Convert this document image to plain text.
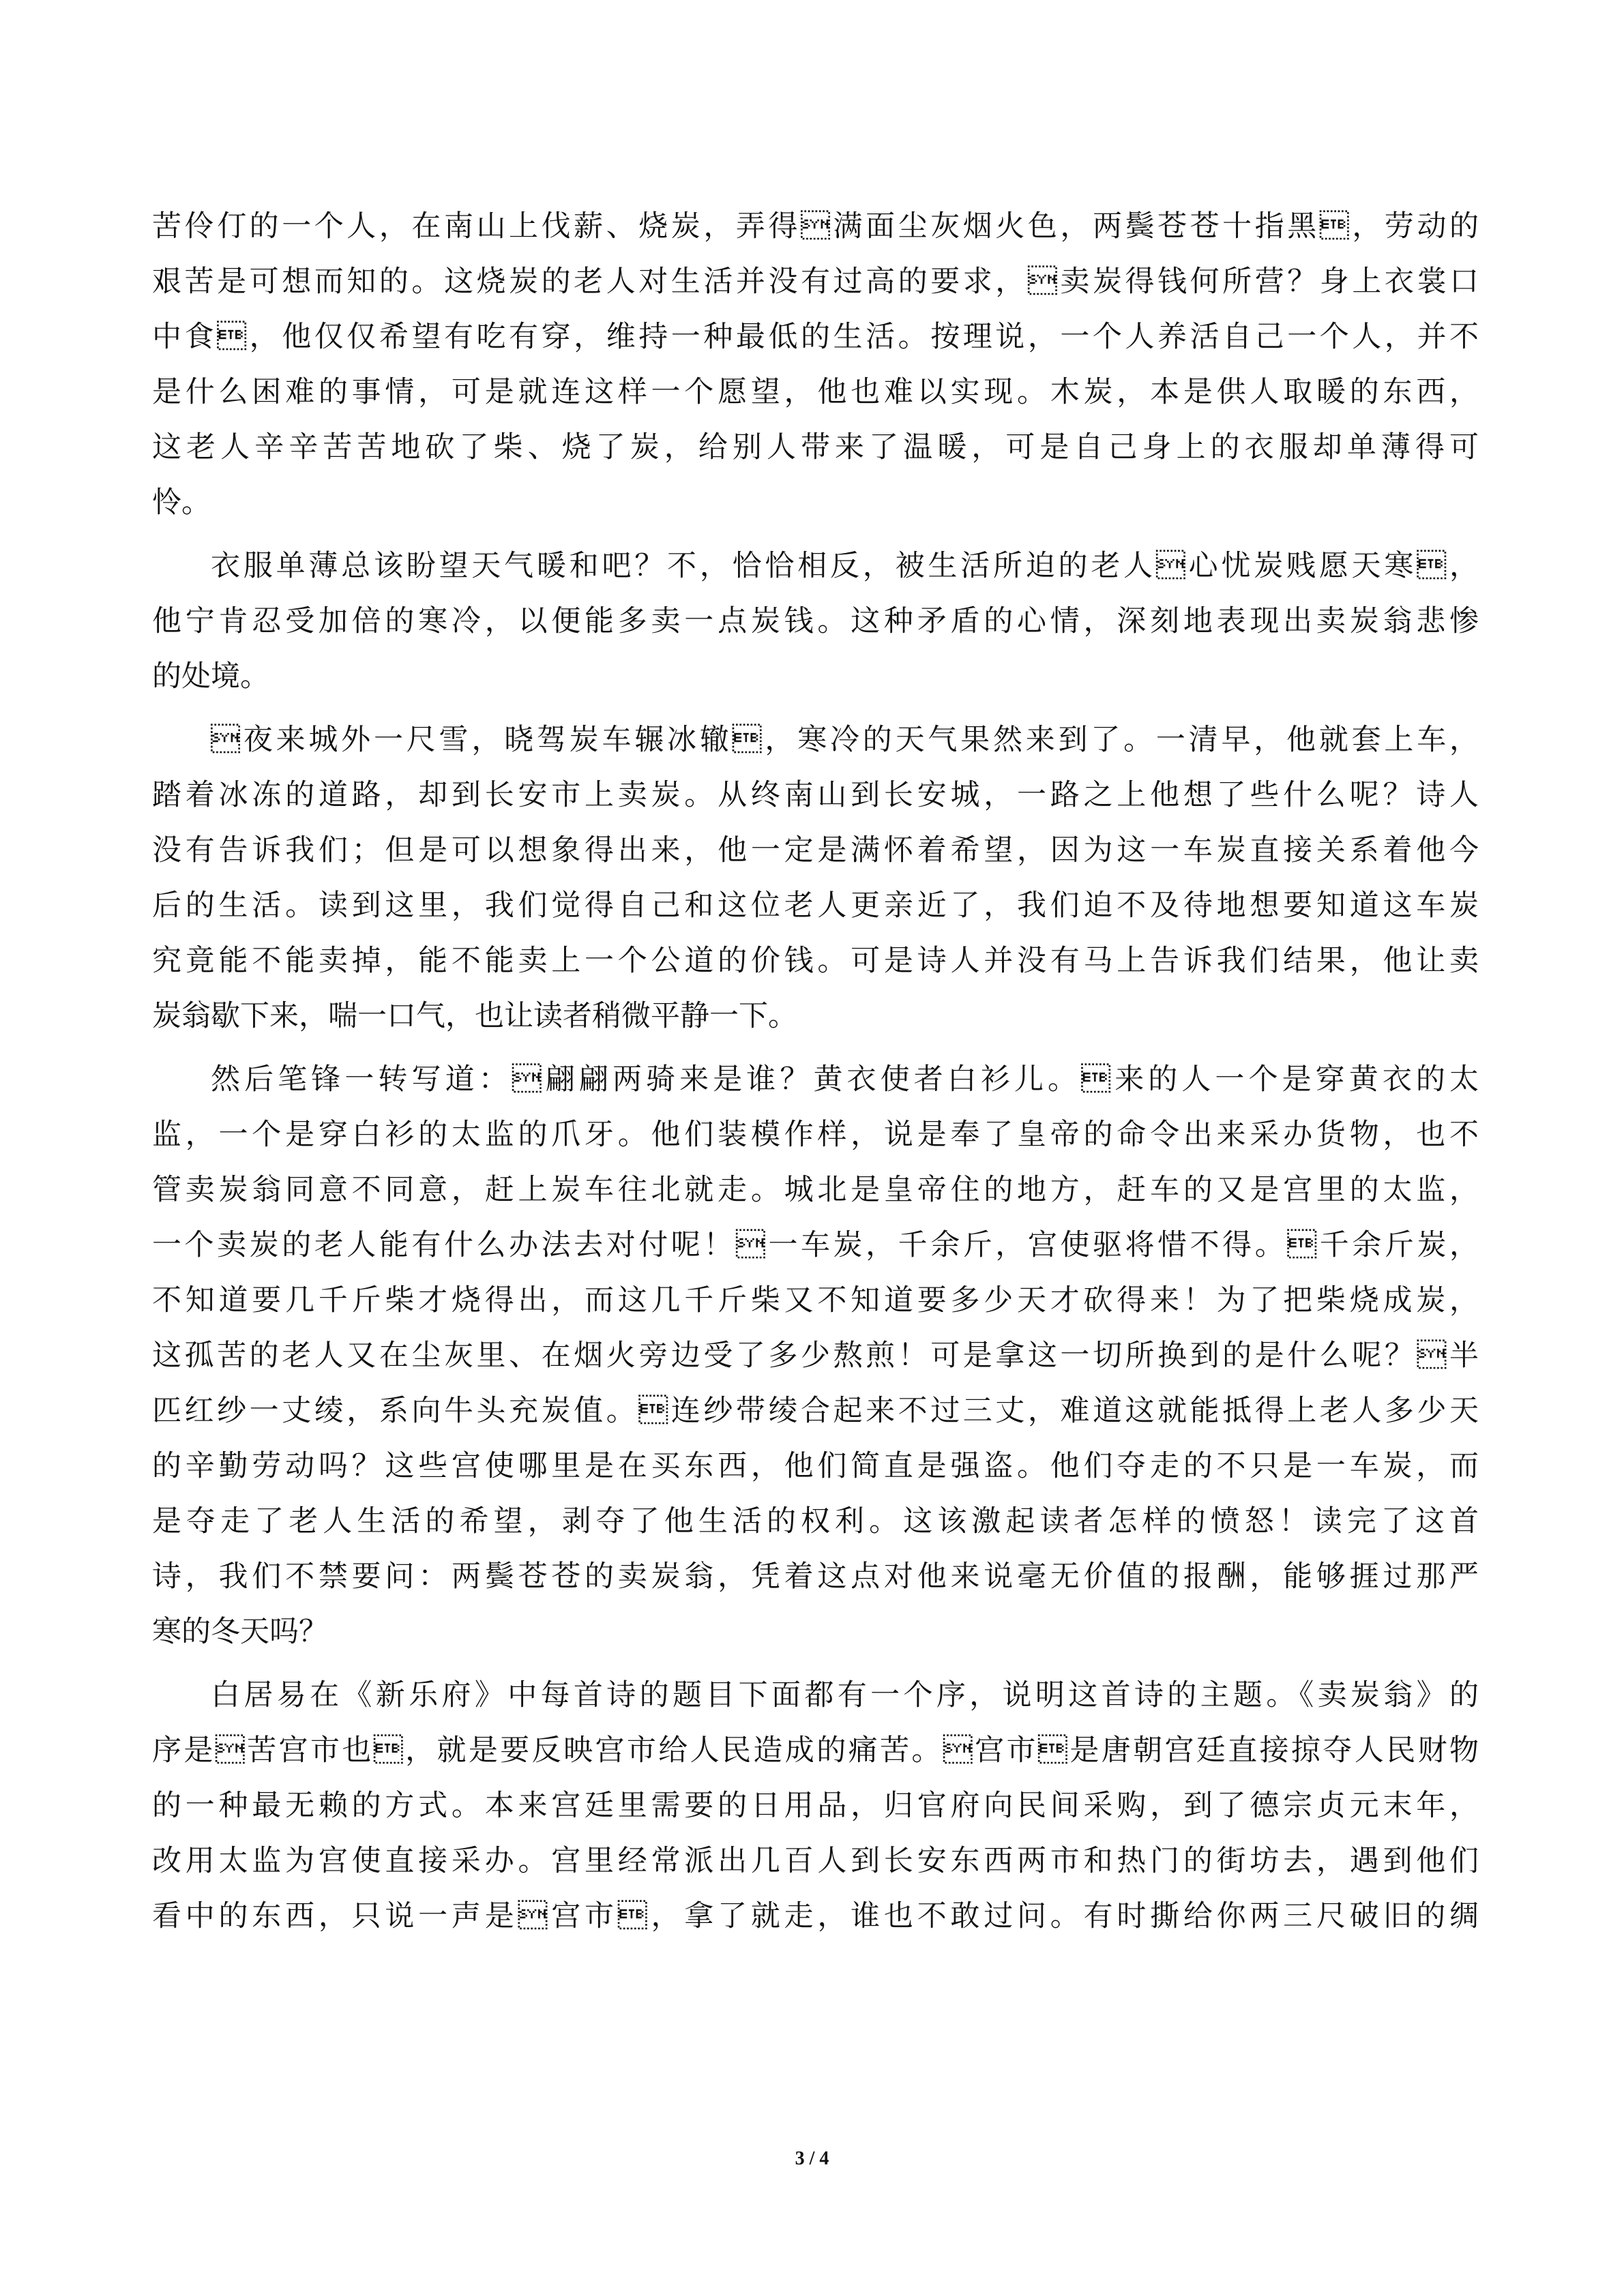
苦伶仃的一个人，在南山上伐薪、烧炭，弄得满面尘灰烟火色，两鬓苍苍十指黑，劳动的
艰苦是可想而知的。这烧炭的老人对生活并没有过高的要求，卖炭得钱何所营？身上衣裳口
中食，他仅仅希望有吃有穿，维持一种最低的生活。按理说，一个人养活自己一个人，并不
是什么困难的事情，可是就连这样一个愿望，他也难以实现。木炭，本是供人取暖的东西，
这老人辛辛苦苦地砍了柴、烧了炭，给别人带来了温暖，可是自己身上的衣服却单薄得可
怜。

衣服单薄总该盼望天气暖和吧？不，恰恰相反，被生活所迫的老人心忧炭贱愿天寒，
他宁肯忍受加倍的寒冷，以便能多卖一点炭钱。这种矛盾的心情，深刻地表现出卖炭翁悲惨
的处境。

夜来城外一尺雪，晓驾炭车辗冰辙，寒冷的天气果然来到了。一清早，他就套上车，
踏着冰冻的道路，却到长安市上卖炭。从终南山到长安城，一路之上他想了些什么呢？诗人
没有告诉我们；但是可以想象得出来，他一定是满怀着希望，因为这一车炭直接关系着他今
后的生活。读到这里，我们觉得自己和这位老人更亲近了，我们迫不及待地想要知道这车炭
究竟能不能卖掉，能不能卖上一个公道的价钱。可是诗人并没有马上告诉我们结果，他让卖
炭翁歇下来，喘一口气，也让读者稍微平静一下。

然后笔锋一转写道：翩翩两骑来是谁？黄衣使者白衫儿。来的人一个是穿黄衣的太
监，一个是穿白衫的太监的爪牙。他们装模作样，说是奉了皇帝的命令出来采办货物，也不
管卖炭翁同意不同意，赶上炭车往北就走。城北是皇帝住的地方，赶车的又是宫里的太监，
一个卖炭的老人能有什么办法去对付呢！一车炭，千余斤，宫使驱将惜不得。千余斤炭，
不知道要几千斤柴才烧得出，而这几千斤柴又不知道要多少天才砍得来！为了把柴烧成炭，
这孤苦的老人又在尘灰里、在烟火旁边受了多少熬煎！可是拿这一切所换到的是什么呢？半
匹红纱一丈绫，系向牛头充炭值。连纱带绫合起来不过三丈，难道这就能抵得上老人多少天
的辛勤劳动吗？这些宫使哪里是在买东西，他们简直是强盗。他们夺走的不只是一车炭，而
是夺走了老人生活的希望，剥夺了他生活的权利。这该激起读者怎样的愤怒！读完了这首
诗，我们不禁要问：两鬓苍苍的卖炭翁，凭着这点对他来说毫无价值的报酬，能够捱过那严
寒的冬天吗？

白居易在《新乐府》中每首诗的题目下面都有一个序，说明这首诗的主题。《卖炭翁》的
序是苦宫市也，就是要反映宫市给人民造成的痛苦。宫市是唐朝宫廷直接掠夺人民财物
的一种最无赖的方式。本来宫廷里需要的日用品，归官府向民间采购，到了德宗贞元末年，
改用太监为宫使直接采办。宫里经常派出几百人到长安东西两市和热门的街坊去，遇到他们
看中的东西，只说一声是宫市，拿了就走，谁也不敢过问。有时撕给你两三尺破旧的绸

3 / 4
